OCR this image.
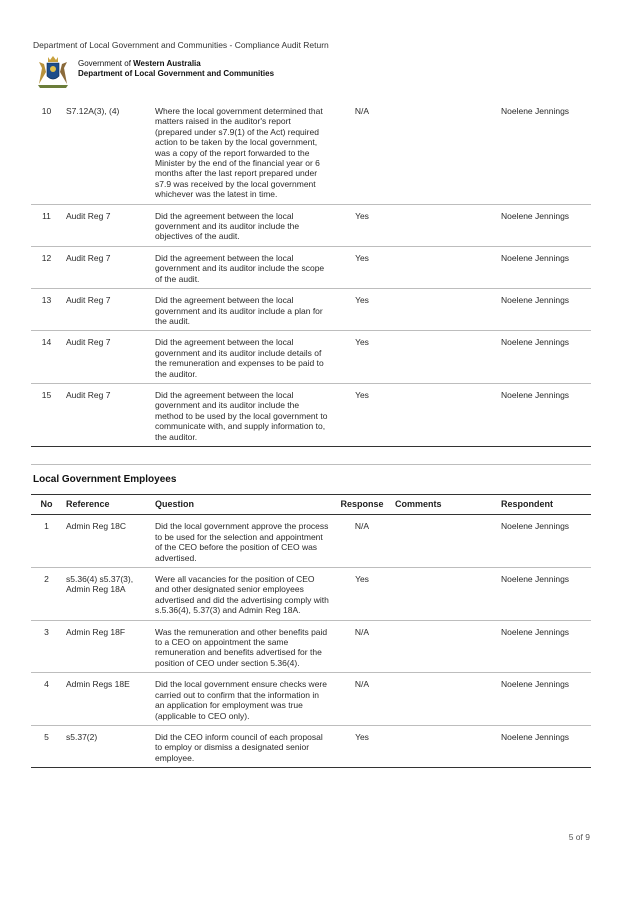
Department of Local Government and Communities - Compliance Audit Return
Government of Western Australia
Department of Local Government and Communities
10	S7.12A(3), (4)	Where the local government determined that matters raised in the auditor's report (prepared under s7.9(1) of the Act) required action to be taken by the local government, was a copy of the report forwarded to the Minister by the end of the financial year or 6 months after the last report prepared under s7.9 was received by the local government whichever was the latest in time.	N/A		Noelene Jennings
11	Audit Reg 7	Did the agreement between the local government and its auditor include the objectives of the audit.	Yes		Noelene Jennings
12	Audit Reg 7	Did the agreement between the local government and its auditor include the scope of the audit.	Yes		Noelene Jennings
13	Audit Reg 7	Did the agreement between the local government and its auditor include a plan for the audit.	Yes		Noelene Jennings
14	Audit Reg 7	Did the agreement between the local government and its auditor include details of the remuneration and expenses to be paid to the auditor.	Yes		Noelene Jennings
15	Audit Reg 7	Did the agreement between the local government and its auditor include the method to be used by the local government to communicate with, and supply information to, the auditor.	Yes		Noelene Jennings
Local Government Employees
No	Reference	Question	Response	Comments	Respondent
1	Admin Reg 18C	Did the local government approve the process to be used for the selection and appointment of the CEO before the position of CEO was advertised.	N/A		Noelene Jennings
2	s5.36(4) s5.37(3), Admin Reg 18A	Were all vacancies for the position of CEO and other designated senior employees advertised and did the advertising comply with s.5.36(4), 5.37(3) and Admin Reg 18A.	Yes		Noelene Jennings
3	Admin Reg 18F	Was the remuneration and other benefits paid to a CEO on appointment the same remuneration and benefits advertised for the position of CEO under section 5.36(4).	N/A		Noelene Jennings
4	Admin Regs 18E	Did the local government ensure checks were carried out to confirm that the information in an application for employment was true (applicable to CEO only).	N/A		Noelene Jennings
5	s5.37(2)	Did the CEO inform council of each proposal to employ or dismiss a designated senior employee.	Yes		Noelene Jennings
5 of 9
